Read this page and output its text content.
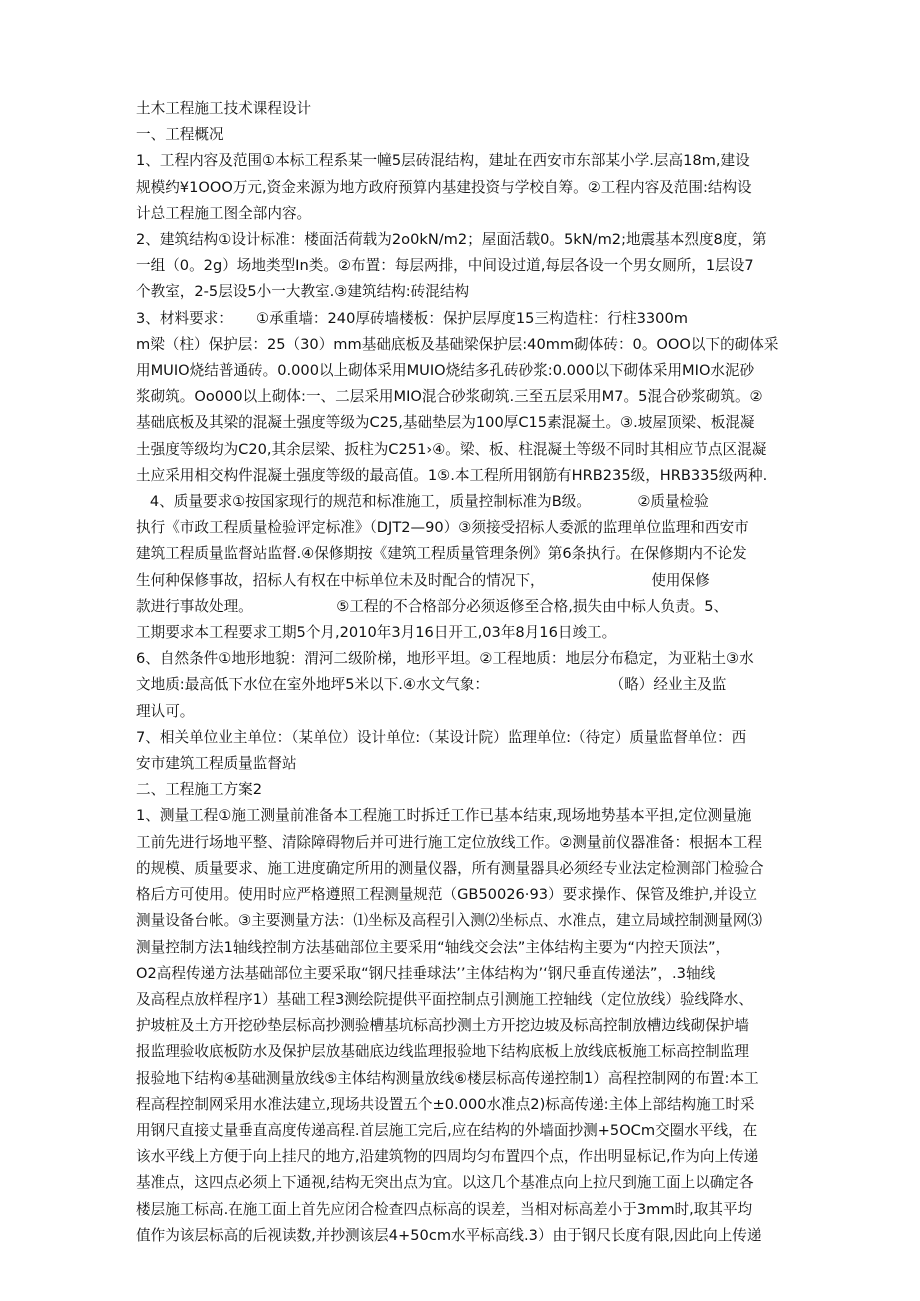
土木工程施工技术课程设计
一、工程概况
1、工程内容及范围①本标工程系某一幢5层砖混结构，建址在西安市东部某小学.层高18m,建设
规模约¥1OOO万元,资金来源为地方政府预算内基建投资与学校自筹。②工程内容及范围:结构设
计总工程施工图全部内容。
2、建筑结构①设计标准：楼面活荷载为2o0kN/m2；屋面活载0。5kN/m2;地震基本烈度8度，第
一组（0。2g）场地类型In类。②布置：每层两排，中间设过道,每层各设一个男女厕所，1层设7
个教室，2-5层设5小一大教室.③建筑结构:砖混结构
3、材料要求：     ①承重墙：240厚砖墙楼板：保护层厚度15三构造柱：行柱3300m
m梁（柱）保护层：25（30）mm基础底板及基础梁保护层:40mm砌体砖：0。OOO以下的砌体采
用MUIO烧结普通砖。0.000以上砌体采用MUIO烧结多孔砖砂浆:0.000以下砌体采用MIO水泥砂
浆砌筑。Oo000以上砌体:一、二层采用MIO混合砂浆砌筑.三至五层采用M7。5混合砂浆砌筑。②
基础底板及其梁的混凝土强度等级为C25,基础垫层为100厚C15素混凝土。③.坡屋顶梁、板混凝
土强度等级均为C20,其余层梁、扳柱为C251›④。梁、板、柱混凝土等级不同时其相应节点区混凝
土应采用相交构件混凝土强度等级的最高值。1⑤.本工程所用钢筋有HRB235级，HRB335级两种.
4、质量要求①按国家现行的规范和标准施工，质量控制标准为B级。          ②质量检验
执行《市政工程质量检验评定标准》（DJT2—90）③须接受招标人委派的监理单位监理和西安市
建筑工程质量监督站监督.④保修期按《建筑工程质量管理条例》第6条执行。在保修期内不论发
生何种保修事故，招标人有权在中标单位未及时配合的情况下，                       使用保修
款进行事故处理。                  ⑤工程的不合格部分必须返修至合格,损失由中标人负责。5、
工期要求本工程要求工期5个月,2010年3月16日开工,03年8月16日竣工。
6、自然条件①地形地貌：渭河二级阶梯，地形平坦。②工程地质：地层分布稳定，为亚粘土③水
文地质:最高低下水位在室外地坪5米以下.④水文气象：                          （略）经业主及监
理认可。
7、相关单位业主单位：（某单位）设计单位:（某设计院）监理单位:（待定）质量监督单位：西
安市建筑工程质量监督站
二、工程施工方案2
1、测量工程①施工测量前准备本工程施工时拆迁工作已基本结束,现场地势基本平担,定位测量施
工前先进行场地平整、清除障碍物后并可进行施工定位放线工作。②测量前仪器准备：根据本工程
的规模、质量要求、施工进度确定所用的测量仪器，所有测量器具必须经专业法定检测部门检验合
格后方可使用。使用时应严格遵照工程测量规范（GB50026·93）要求操作、保管及维护,并设立
测量设备台帐。③主要测量方法：⑴坐标及高程引入测⑵坐标点、水准点，建立局域控制测量网⑶
测量控制方法1轴线控制方法基础部位主要采用“轴线交会法”主体结构主要为“内控天顶法”，
O2高程传递方法基础部位主要采取“钢尺挂垂球法’’主体结构为’‘钢尺垂直传递法”，.3轴线
及高程点放样程序1）基础工程3测绘院提供平面控制点引测施工控轴线（定位放线）验线降水、
护坡桩及土方开挖砂垫层标高抄测验槽基坑标高抄测土方开挖边坡及标高控制放槽边线砌保护墙
报监理验收底板防水及保护层放基础底边线监理报验地下结构底板上放线底板施工标高控制监理
报验地下结构④基础测量放线⑤主体结构测量放线⑥楼层标高传递控制1）高程控制网的布置:本工
程高程控制网采用水准法建立,现场共设置五个±0.000水准点2)标高传递:主体上部结构施工时采
用钢尺直接丈量垂直高度传递高程.首层施工完后,应在结构的外墙面抄测+5OCm交圈水平线，在
该水平线上方便于向上挂尺的地方,沿建筑物的四周均匀布置四个点，作出明显标记,作为向上传递
基准点，这四点必须上下通视,结构无突出点为宜。以这几个基准点向上拉尺到施工面上以确定各
楼层施工标高.在施工面上首先应闭合检查四点标高的误差，当相对标高差小于3mm时,取其平均
值作为该层标高的后视读数,并抄测该层4+50cm水平标高线.3）由于钢尺长度有限,因此向上传递
